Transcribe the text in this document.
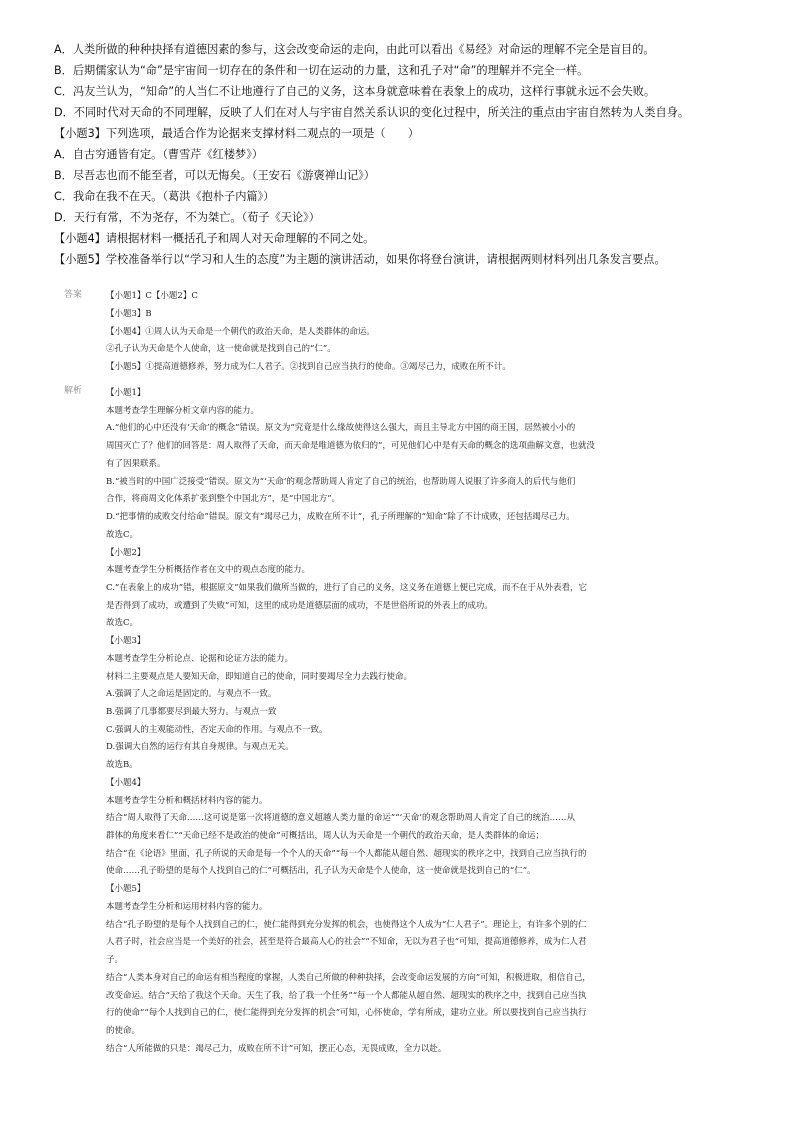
A．人类所做的种种抉择有道德因素的参与，这会改变命运的走向，由此可以看出《易经》对命运的理解不完全是盲目的。
B．后期儒家认为“命”是宇宙间一切存在的条件和一切在运动的力量，这和孔子对“命”的理解并不完全一样。
C．冯友兰认为，“知命”的人当仁不让地遵行了自己的义务，这本身就意味着在表象上的成功，这样行事就永远不会失败。
D．不同时代对天命的不同理解，反映了人们在对人与宇宙自然关系认识的变化过程中，所关注的重点由宇宙自然转为人类自身。
【小题3】下列选项，最适合作为论据来支撑材料二观点的一项是（　　）
A．自古穷通皆有定。（曹雪芹《红楼梦》）
B．尽吾志也而不能至者，可以无悔矣。（王安石《游褒禅山记》）
C．我命在我不在天。（葛洪《抱朴子内篇》）
D．天行有常，不为尧存，不为桀亡。（荀子《天论》）
【小题4】请根据材料一概括孔子和周人对天命理解的不同之处。
【小题5】学校准备举行以“学习和人生的态度”为主题的演讲活动，如果你将登台演讲，请根据两则材料列出几条发言要点。
答案	【小题1】C【小题2】C
【小题3】B
【小题4】①周人认为天命是一个朝代的政治天命，是人类群体的命运。
②孔子认为天命是个人使命，这一使命就是找到自己的“仁”。
【小题5】①提高道德修养，努力成为仁人君子。②找到自己应当执行的使命。③竭尽己力，成败在所不计。
解析	【小题1】
本题考查学生理解分析文章内容的能力。
A.“他们的心中还没有‘天命’的概念”错误。原文为“究竟是什么缘故使得这么强大，而且主导北方中国的商王国，居然被小小的
周国灭亡了？他们的回答是：周人取得了天命，而天命是唯道德为依归的”，可见他们心中是有天命的概念的选项曲解文意，也就没
有了因果联系。
B.“被当时的中国广泛接受”错误。原文为“‘天命’的观念帮助周人肯定了自己的统治，也帮助周人说服了许多商人的后代与他们
合作，将商周文化体系扩张到整个中国北方”，是“中国北方”。
D.“把事情的成败交付给命”错误。原文有“竭尽己力，成败在所不计”，孔子所理解的“知命”除了不计成败，还包括竭尽己力。
故选C。
【小题2】
本题考查学生分析概括作者在文中的观点态度的能力。
C.“在表象上的成功”错，根据原文“如果我们做所当做的，进行了自己的义务，这义务在道德上便已完成，而不在于从外表看，它
是否得到了成功，或遭到了失败”可知，这里的成功是道德层面的成功，不是世俗所说的外表上的成功。
故选C。
【小题3】
本题考查学生分析论点、论据和论证方法的能力。
材料二主要观点是人要知天命，即知道自己的使命，同时要竭尽全力去践行使命。
A.强调了人之命运是固定的。与观点不一致。
B.强调了几事都要尽到最大努力。与观点一致
C.强调人的主观能动性，否定天命的作用。与观点不一致。
D.强调大自然的运行有其自身规律。与观点无关。
故选B。
【小题4】
本题考查学生分析和概括材料内容的能力。
结合“周人取得了天命……这可说是第一次将道德的意义超越人类力量的命运”“‘天命’的观念帮助周人肯定了自己的统治……从
群体的角度来看仁”“天命已经不是政治的使命”可概括出，周人认为天命是一个朝代的政治天命，是人类群体的命运；
结合“在《论语》里面，孔子所说的天命是每一个个人的天命”“每一个人都能从超自然、超现实的秩序之中，找到自己应当执行的
使命……孔子盼望的是每个人找到自己的仁”可概括出，孔子认为天命是个人使命，这一使命就是找到自己的“仁”。
【小题5】
本题考查学生分析和运用材料内容的能力。
结合“孔子盼望的是每个人找到自己的仁，使仁能得到充分发挥的机会，也使得这个人成为“仁人君子”。理论上，有许多个别的仁
人君子时，社会应当是一个美好的社会，甚至是符合最高人心的社会”“不知命，无以为君子也”可知，提高道德修养，成为仁人君
子。
结合“人类本身对自己的命运有相当程度的掌握，人类自己所做的种种抉择，会改变命运发展的方向”可知，积极进取，相信自己，
改变命运。结合“天给了我这个天命。天生了我，给了我一个任务”“每一个人都能从超自然、超现实的秩序之中，找到自己应当执
行的使命”“每个人找到自己的仁，使仁能得到充分发挥的机会”可知，心怀使命，学有所成，建功立业。所以要找到自己应当执行
的使命。
结合“人所能做的只是：竭尽己力，成败在所不计”可知，摆正心态，无畏成败，全力以赴。
